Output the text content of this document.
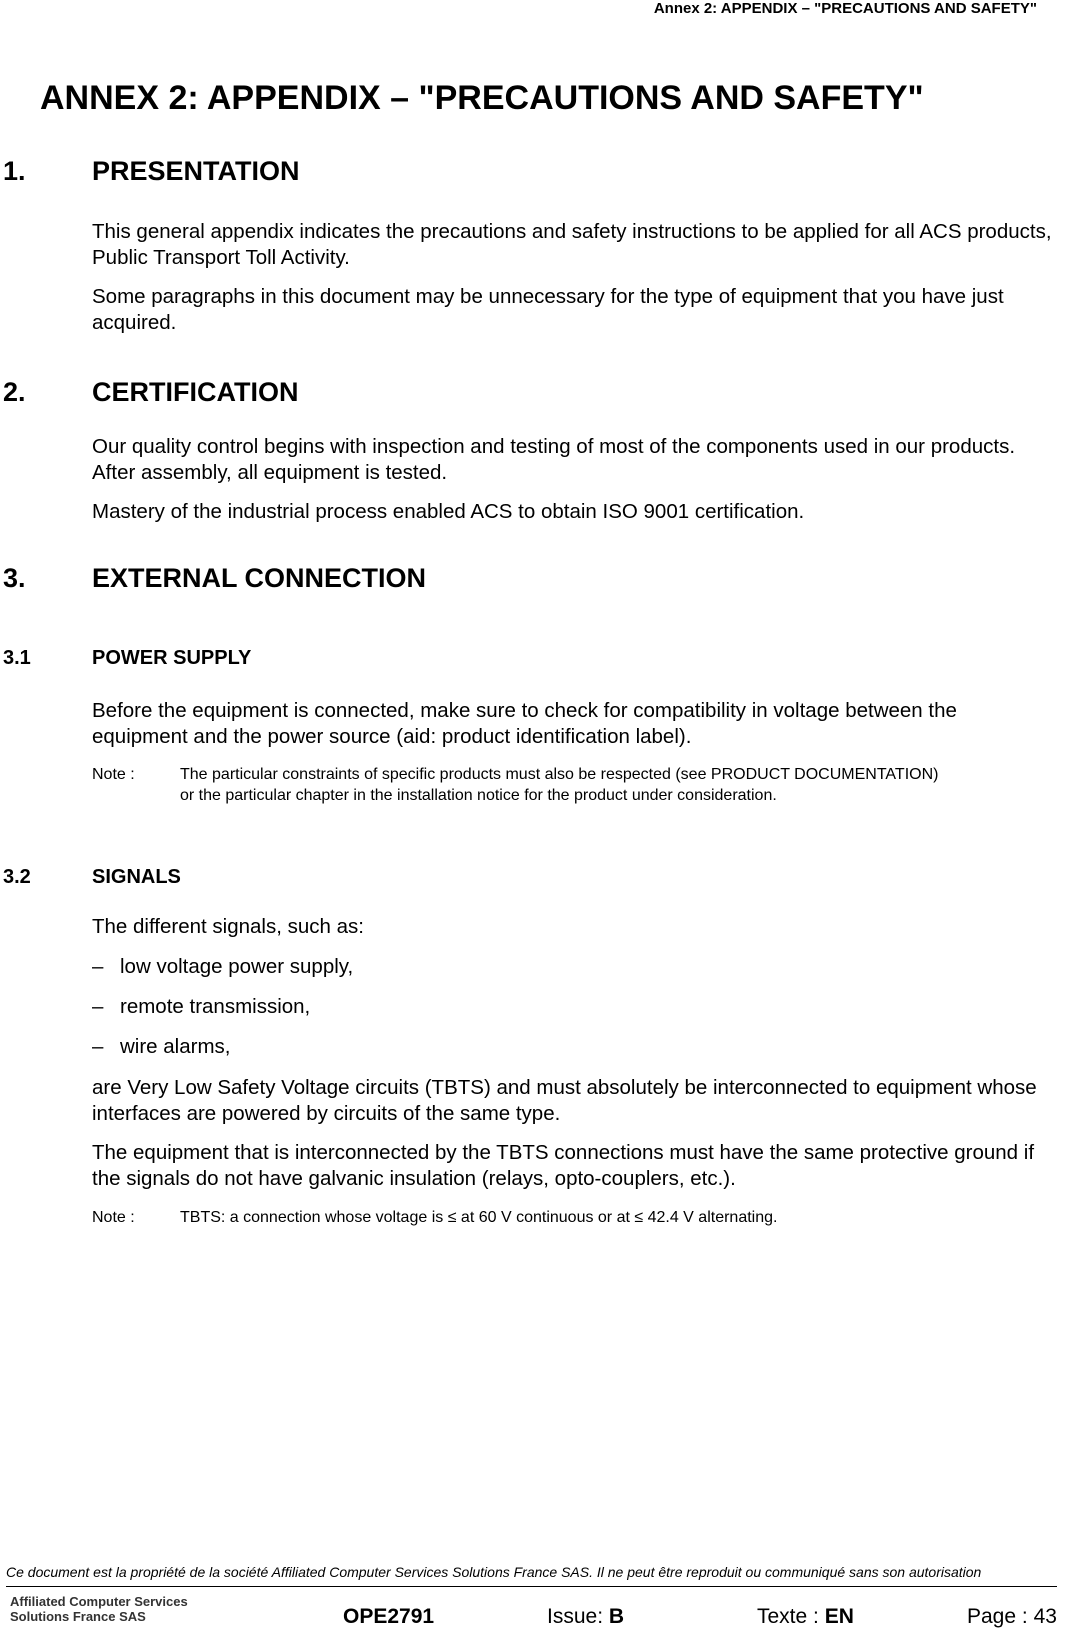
Annex 2: APPENDIX – "PRECAUTIONS AND SAFETY"
ANNEX 2: APPENDIX – "PRECAUTIONS AND SAFETY"
1. PRESENTATION
This general appendix indicates the precautions and safety instructions to be applied for all ACS products, Public Transport Toll Activity.
Some paragraphs in this document may be unnecessary for the type of equipment that you have just acquired.
2. CERTIFICATION
Our quality control begins with inspection and testing of most of the components used in our products. After assembly, all equipment is tested.
Mastery of the industrial process enabled ACS to obtain ISO 9001 certification.
3. EXTERNAL CONNECTION
3.1	POWER SUPPLY
Before the equipment is connected, make sure to check for compatibility in voltage between the equipment and the power source (aid: product identification label).
Note :	The particular constraints of specific products must also be respected (see PRODUCT DOCUMENTATION) or the particular chapter in the installation notice for the product under consideration.
3.2	SIGNALS
The different signals, such as:
– low voltage power supply,
– remote transmission,
– wire alarms,
are Very Low Safety Voltage circuits (TBTS) and must absolutely be interconnected to equipment whose interfaces are powered by circuits of the same type.
The equipment that is interconnected by the TBTS connections must have the same protective ground if the signals do not have galvanic insulation (relays, opto-couplers, etc.).
Note :	TBTS: a connection whose voltage is ≤ at 60 V continuous or at ≤ 42.4 V alternating.
Ce document est la propriété de la société Affiliated Computer Services Solutions France SAS. Il ne peut être reproduit ou communiqué sans son autorisation
Affiliated Computer Services
Solutions France SAS	OPE2791	Issue: B	Texte : EN	Page : 43
